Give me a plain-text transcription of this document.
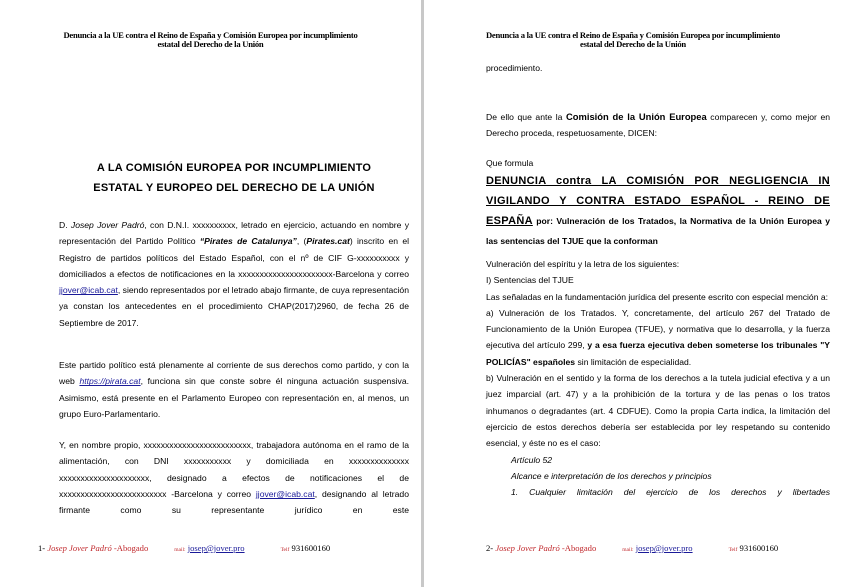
Denuncia a la UE contra el Reino de España y Comisión Europea por incumplimiento
estatal del Derecho de la Unión
A LA COMISIÓN EUROPEA POR INCUMPLIMIENTO
ESTATAL Y EUROPEO DEL DERECHO DE LA UNIÓN

D. Josep Jover Padró, con D.N.I. xxxxxxxxxx, letrado en ejercicio, actuando en nombre y representación del Partido Político “Pirates de Catalunya”, (Pirates.cat) inscrito en el Registro de partidos políticos del Estado Español, con el nº de CIF G-xxxxxxxxxx y domiciliados a efectos de notificaciones en la xxxxxxxxxxxxxxxxxxxxxx-Barcelona y correo jjover@icab.cat, siendo representados por el letrado abajo firmante, de cuya representación ya constan los antecedentes en el procedimiento CHAP(2017)2960, de fecha 26 de Septiembre de 2017.

Este partido político está plenamente al corriente de sus derechos como partido, y con la web https://pirata.cat, funciona sin que conste sobre él ninguna actuación suspensiva. Asimismo, está presente en el Parlamento Europeo con representación en, al menos, un grupo Euro-Parlamentario.

Y, en nombre propio, xxxxxxxxxxxxxxxxxxxxxxxxx, trabajadora autónoma en el ramo de la alimentación, con DNI xxxxxxxxxxx y domiciliada en xxxxxxxxxxxxxx xxxxxxxxxxxxxxxxxxxxx, designado a efectos de notificaciones el de xxxxxxxxxxxxxxxxxxxxxxxxx -Barcelona y correo jjover@icab.cat, designando al letrado firmante como su representante jurídico en este

1- Josep Jover Padró -Abogado	mail: josep@jover.pro	Telf 931600160
Denuncia a la UE contra el Reino de España y Comisión Europea por incumplimiento
estatal del Derecho de la Unión

procedimiento.

De ello que ante la Comisión de la Unión Europea comparecen y, como mejor en Derecho proceda, respetuosamente, DICEN:

Que formula

DENUNCIA contra LA COMISIÓN POR NEGLIGENCIA IN VIGILANDO Y CONTRA ESTADO ESPAÑOL - REINO DE ESPAÑA por: Vulneración de los Tratados, la Normativa de la Unión Europea y las sentencias del TJUE que la conforman

Vulneración del espíritu y la letra de los siguientes:

I) Sentencias del TJUE

Las señaladas en la fundamentación jurídica del presente escrito con especial mención a:

a) Vulneración de los Tratados. Y, concretamente, del artículo 267 del Tratado de Funcionamiento de la Unión Europea (TFUE), y normativa que lo desarrolla, y la fuerza ejecutiva del artículo 299, y a esa fuerza ejecutiva deben someterse los tribunales "Y POLICÍAS" españoles sin limitación de especialidad.

b) Vulneración en el sentido y la forma de los derechos a la tutela judicial efectiva y a un juez imparcial (art. 47) y a la prohibición de la tortura y de las penas o los tratos inhumanos o degradantes (art. 4 CDFUE). Como la propia Carta indica, la limitación del ejercicio de estos derechos debería ser establecida por ley respetando su contenido esencial, y éste no es el caso:

Artículo 52

Alcance e interpretación de los derechos y principios

1. Cualquier limitación del ejercicio de los derechos y libertades

2- Josep Jover Padró -Abogado	mail: josep@jover.pro	Telf 931600160
